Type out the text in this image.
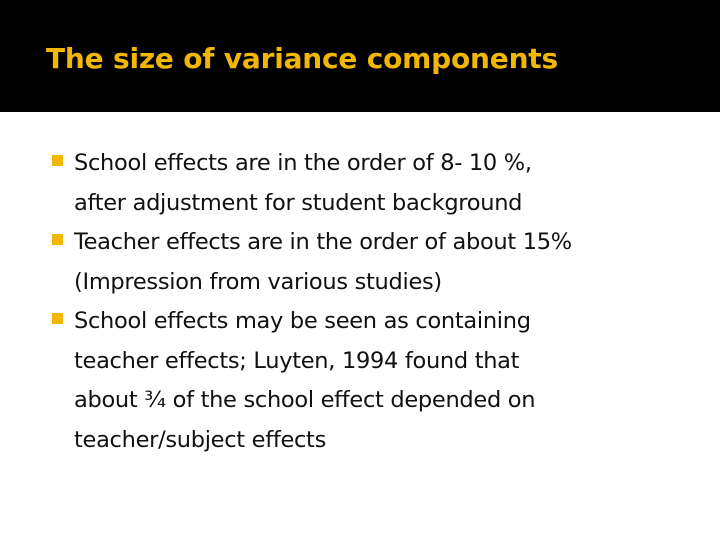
The size of variance components
School effects are in the order of 8- 10 %,
after adjustment for student background
Teacher effects are in the order of about 15%
(Impression from various studies)
School effects may be seen as containing
teacher effects; Luyten, 1994 found that
about ¾ of the school effect depended on
teacher/subject effects
